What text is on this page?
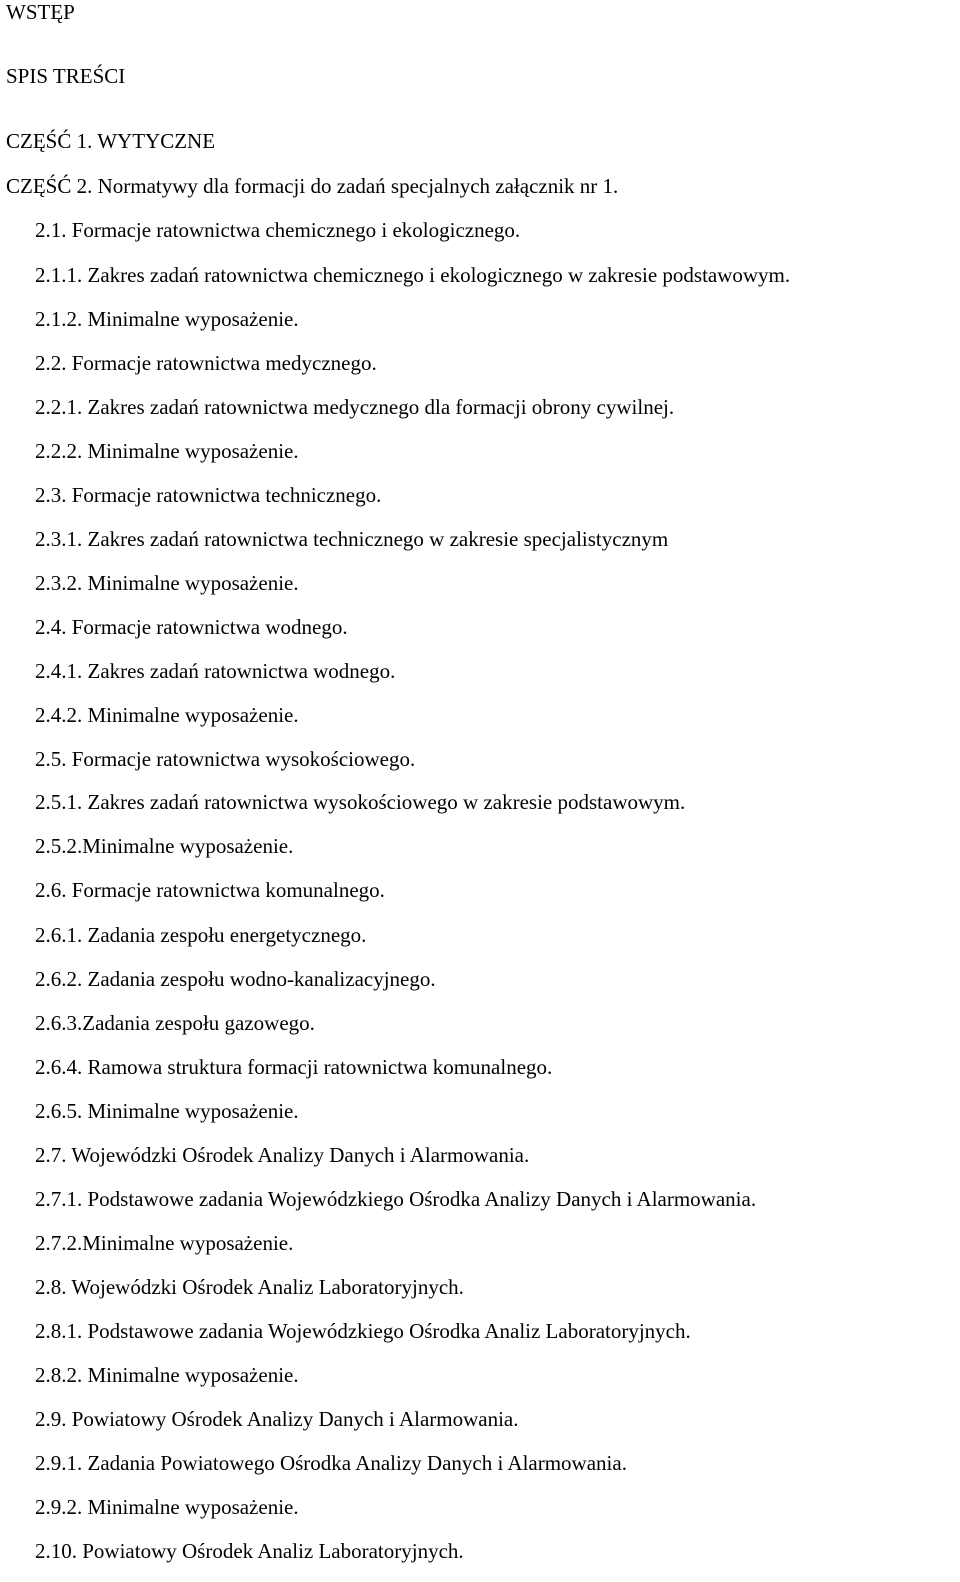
WSTĘP
SPIS TREŚCI
CZĘŚĆ 1. WYTYCZNE
CZĘŚĆ 2. Normatywy dla formacji do zadań specjalnych załącznik nr 1.
2.1. Formacje ratownictwa chemicznego i ekologicznego.
2.1.1. Zakres zadań ratownictwa chemicznego i ekologicznego w zakresie podstawowym.
2.1.2. Minimalne wyposażenie.
2.2. Formacje ratownictwa medycznego.
2.2.1. Zakres zadań ratownictwa medycznego dla formacji obrony cywilnej.
2.2.2. Minimalne wyposażenie.
2.3. Formacje ratownictwa technicznego.
2.3.1. Zakres zadań ratownictwa technicznego w zakresie specjalistycznym
2.3.2. Minimalne wyposażenie.
2.4. Formacje ratownictwa wodnego.
2.4.1. Zakres zadań ratownictwa wodnego.
2.4.2. Minimalne wyposażenie.
2.5. Formacje ratownictwa wysokościowego.
2.5.1. Zakres zadań ratownictwa wysokościowego w zakresie podstawowym.
2.5.2.Minimalne wyposażenie.
2.6. Formacje ratownictwa komunalnego.
2.6.1. Zadania zespołu energetycznego.
2.6.2. Zadania zespołu wodno-kanalizacyjnego.
2.6.3.Zadania zespołu gazowego.
2.6.4. Ramowa struktura formacji ratownictwa komunalnego.
2.6.5. Minimalne wyposażenie.
2.7. Wojewódzki Ośrodek Analizy Danych i Alarmowania.
2.7.1. Podstawowe zadania Wojewódzkiego Ośrodka Analizy Danych i Alarmowania.
2.7.2.Minimalne wyposażenie.
2.8. Wojewódzki Ośrodek Analiz Laboratoryjnych.
2.8.1. Podstawowe zadania Wojewódzkiego Ośrodka Analiz Laboratoryjnych.
2.8.2. Minimalne wyposażenie.
2.9. Powiatowy Ośrodek Analizy Danych i Alarmowania.
2.9.1. Zadania Powiatowego Ośrodka Analizy Danych i Alarmowania.
2.9.2. Minimalne wyposażenie.
2.10. Powiatowy Ośrodek Analiz Laboratoryjnych.
